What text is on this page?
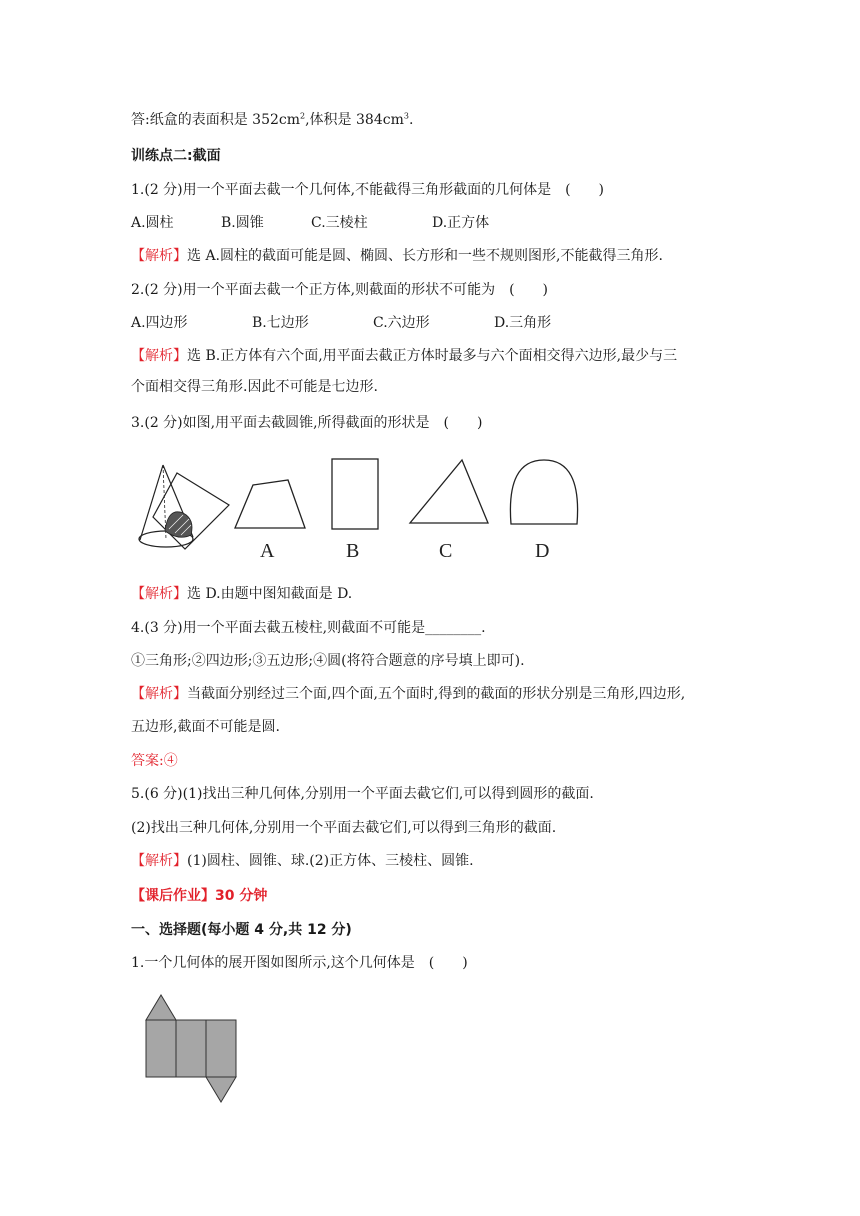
答:纸盒的表面积是 $352cm^2$,体积是 $384cm^3$.
训练点二:截面
1.(2 分)用一个平面去截一个几何体,不能截得三角形截面的几何体是　(　　)
A.圆柱	B.圆锥	C.三棱柱	D.正方体
【解析】选 A.圆柱的截面可能是圆、椭圆、长方形和一些不规则图形,不能截得三角形.
2.(2 分)用一个平面去截一个正方体,则截面的形状不可能为　(　　)
A.四边形	B.七边形	C.六边形	D.三角形
【解析】选 B.正方体有六个面,用平面去截正方体时最多与六个面相交得六边形,最少与三
个面相交得三角形.因此不可能是七边形.
3.(2 分)如图,用平面去截圆锥,所得截面的形状是　(　　)
A	B	C	D
【解析】选 D.由题中图知截面是 D.
4.(3 分)用一个平面去截五棱柱,则截面不可能是________.
①三角形;②四边形;③五边形;④圆(将符合题意的序号填上即可).
【解析】当截面分别经过三个面,四个面,五个面时,得到的截面的形状分别是三角形,四边形,
五边形,截面不可能是圆.
答案:④
5.(6 分)(1)找出三种几何体,分别用一个平面去截它们,可以得到圆形的截面.
(2)找出三种几何体,分别用一个平面去截它们,可以得到三角形的截面.
【解析】(1)圆柱、圆锥、球.(2)正方体、三棱柱、圆锥.
【课后作业】30 分钟
一、选择题(每小题 4 分,共 12 分)
1.一个几何体的展开图如图所示,这个几何体是　(　　)
